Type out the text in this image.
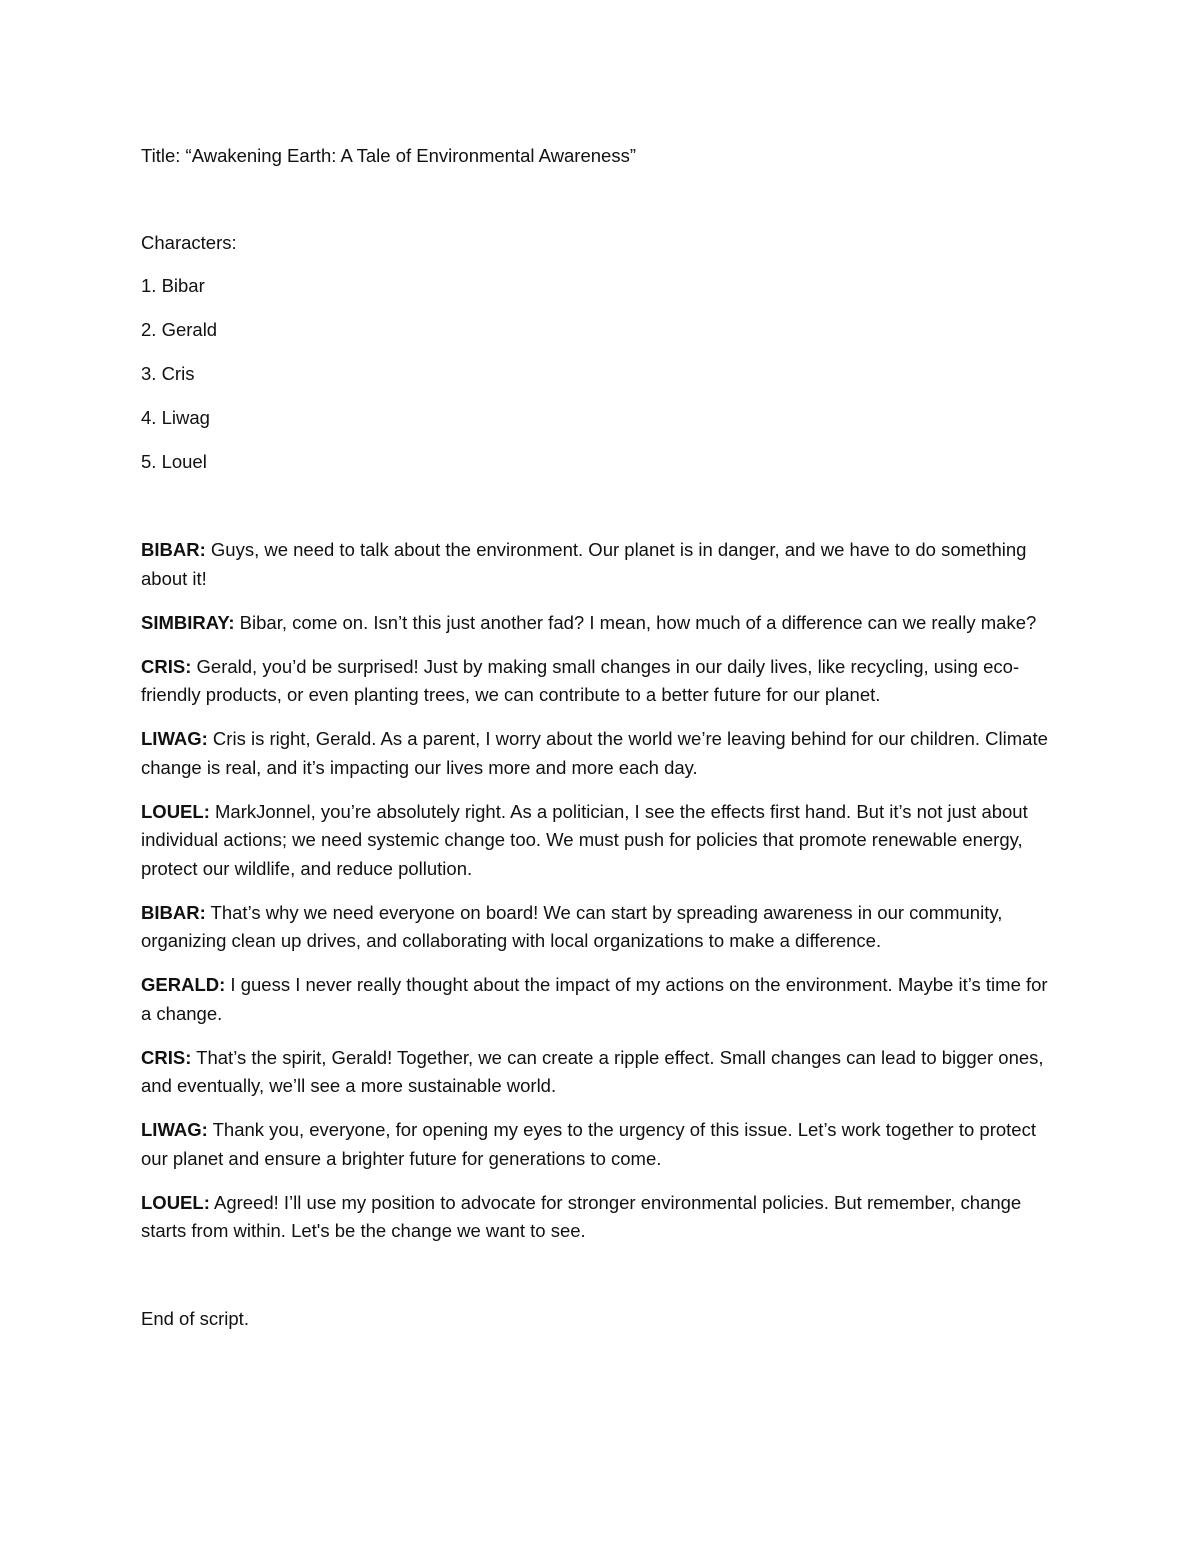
Title: “Awakening Earth: A Tale of Environmental Awareness”

Characters:

1. Bibar
2. Gerald
3. Cris
4. Liwag
5. Louel

BIBAR: Guys, we need to talk about the environment. Our planet is in danger, and we have to do something about it!

SIMBIRAY: Bibar, come on. Isn’t this just another fad? I mean, how much of a difference can we really make?

CRIS: Gerald, you’d be surprised! Just by making small changes in our daily lives, like recycling, using eco-friendly products, or even planting trees, we can contribute to a better future for our planet.

LIWAG: Cris is right, Gerald. As a parent, I worry about the world we’re leaving behind for our children. Climate change is real, and it’s impacting our lives more and more each day.

LOUEL: MarkJonnel, you’re absolutely right. As a politician, I see the effects first hand. But it’s not just about individual actions; we need systemic change too. We must push for policies that promote renewable energy, protect our wildlife, and reduce pollution.

BIBAR: That’s why we need everyone on board! We can start by spreading awareness in our community, organizing clean up drives, and collaborating with local organizations to make a difference.

GERALD: I guess I never really thought about the impact of my actions on the environment. Maybe it’s time for a change.

CRIS: That’s the spirit, Gerald! Together, we can create a ripple effect. Small changes can lead to bigger ones, and eventually, we’ll see a more sustainable world.

LIWAG: Thank you, everyone, for opening my eyes to the urgency of this issue. Let’s work together to protect our planet and ensure a brighter future for generations to come.

LOUEL: Agreed! I’ll use my position to advocate for stronger environmental policies. But remember, change starts from within. Let's be the change we want to see.

End of script.
